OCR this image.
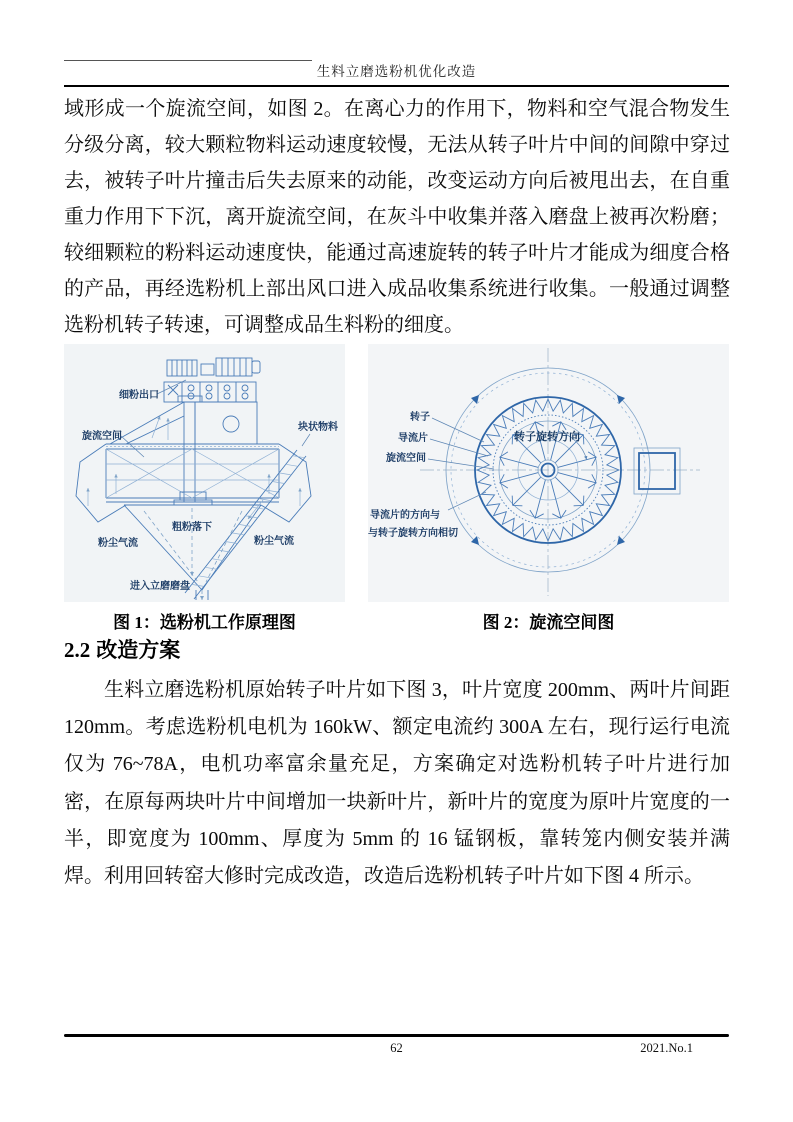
生料立磨选粉机优化改造

域形成一个旋流空间，如图 2。在离心力的作用下，物料和空气混合物发生分级分离，较大颗粒物料运动速度较慢，无法从转子叶片中间的间隙中穿过去，被转子叶片撞击后失去原来的动能，改变运动方向后被甩出去，在自重重力作用下下沉，离开旋流空间，在灰斗中收集并落入磨盘上被再次粉磨；较细颗粒的粉料运动速度快，能通过高速旋转的转子叶片才能成为细度合格的产品，再经选粉机上部出风口进入成品收集系统进行收集。一般通过调整选粉机转子转速，可调整成品生料粉的细度。

细粉出口
旋流空间
块状物料
粗粉落下
粉尘气流	粉尘气流
进入立磨磨盘
转子
导流片
旋流空间
转子旋转方向
导流片的方向与
与转子旋转方向相切
图 1：选粉机工作原理图	图 2：旋流空间图
2.2 改造方案

生料立磨选粉机原始转子叶片如下图 3，叶片宽度 200mm、两叶片间距 120mm。考虑选粉机电机为 160kW、额定电流约 300A 左右，现行运行电流仅为 76~78A，电机功率富余量充足，方案确定对选粉机转子叶片进行加密，在原每两块叶片中间增加一块新叶片，新叶片的宽度为原叶片宽度的一半，即宽度为 100mm、厚度为 5mm 的 16 锰钢板，靠转笼内侧安装并满焊。利用回转窑大修时完成改造，改造后选粉机转子叶片如下图 4 所示。

62	2021.No.1
